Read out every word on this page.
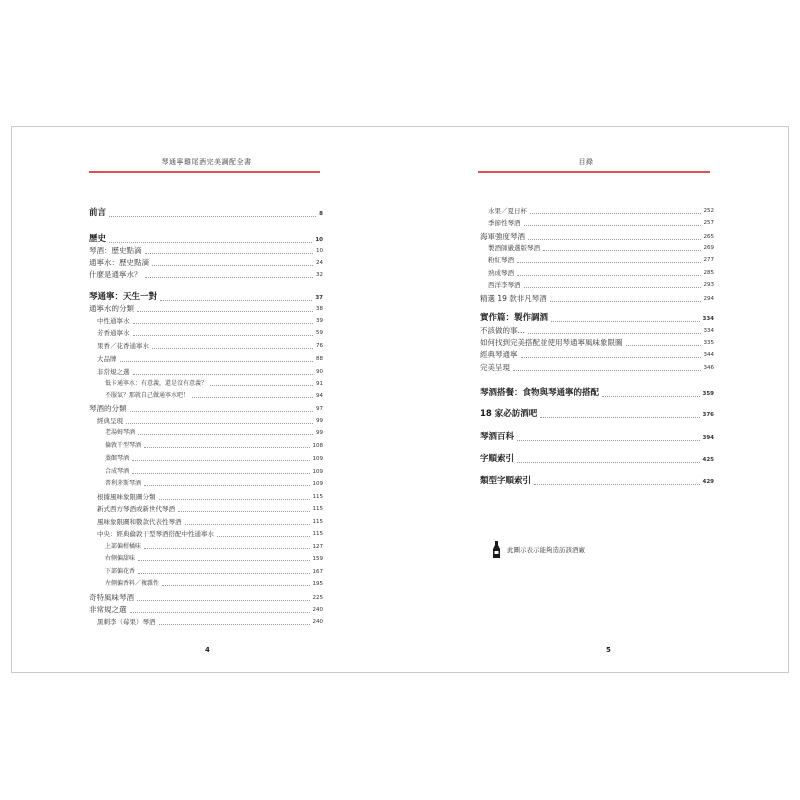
琴通寧雞尾酒完美調配全書
前言	8
歷史	10
琴酒：歷史點滴	10
通寧水：歷史點滴	24
什麼是通寧水？	32
琴通寧：天生一對	37
通寧水的分類	38
中性通寧水	39
芳香通寧水	59
果香／花香通寧水	76
大品牌	88
非常規之選	90
低卡通寧水：有意義，還是沒有意義？	91
不服氣？那就自己做通寧水吧！	94
琴酒的分類	97
經典呈現	99
老湯姆琴酒	99
倫敦干型琴酒	108
蒸餾琴酒	109
合成琴酒	109
普利茅斯琴酒	109
根據風味象限圖分類	115
新式西方琴酒或新世代琴酒	115
風味象限圖和數款代表性琴酒	115
中央：經典倫敦干型琴酒搭配中性通寧水	115
上部偏柑橘味	127
右側偏甜味	159
下部偏花香	167
左側偏香料／複雜性	195
奇特風味琴酒	225
非常規之選	240
黑刺李（莓果）琴酒	240
4
目錄
水果／夏日杯	252
季節性琴酒	257
海軍強度琴酒	265
製酒師嚴選版琴酒	269
粉紅琴酒	277
熟成琴酒	285
西洋李琴酒	293
精選 19 款非凡琴酒	294
實作篇：製作調酒	334
不該做的事…	334
如何找到完美搭配並使用琴通寧風味象限圖	335
經典琴通寧	344
完美呈現	346
琴酒搭餐：食物與琴通寧的搭配	359
18 家必訪酒吧	376
琴酒百科	394
字順索引	425
類型字順索引	429
此圖示表示能夠造訪該酒廠
5
